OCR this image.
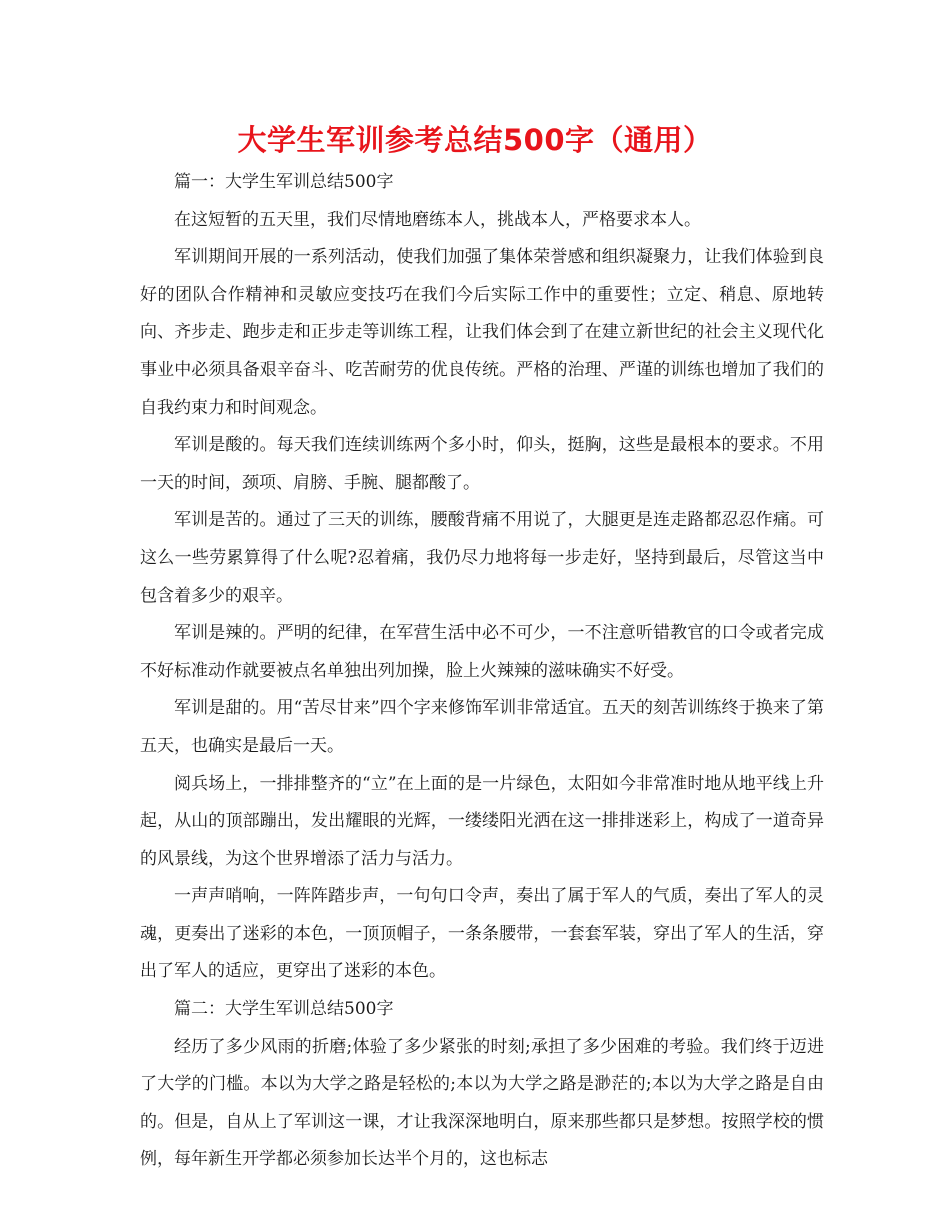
大学生军训参考总结500字（通用）

篇一：大学生军训总结500字

在这短暂的五天里，我们尽情地磨练本人，挑战本人，严格要求本人。

军训期间开展的一系列活动，使我们加强了集体荣誉感和组织凝聚力，让我们体验到良好的团队合作精神和灵敏应变技巧在我们今后实际工作中的重要性；立定、稍息、原地转向、齐步走、跑步走和正步走等训练工程，让我们体会到了在建立新世纪的社会主义现代化事业中必须具备艰辛奋斗、吃苦耐劳的优良传统。严格的治理、严谨的训练也增加了我们的自我约束力和时间观念。

军训是酸的。每天我们连续训练两个多小时，仰头，挺胸，这些是最根本的要求。不用一天的时间，颈项、肩膀、手腕、腿都酸了。

军训是苦的。通过了三天的训练，腰酸背痛不用说了，大腿更是连走路都忍忍作痛。可这么一些劳累算得了什么呢?忍着痛，我仍尽力地将每一步走好，坚持到最后，尽管这当中包含着多少的艰辛。

军训是辣的。严明的纪律，在军营生活中必不可少，一不注意听错教官的口令或者完成不好标准动作就要被点名单独出列加操，脸上火辣辣的滋味确实不好受。

军训是甜的。用“苦尽甘来”四个字来修饰军训非常适宜。五天的刻苦训练终于换来了第五天，也确实是最后一天。

阅兵场上，一排排整齐的“立”在上面的是一片绿色，太阳如今非常准时地从地平线上升起，从山的顶部蹦出，发出耀眼的光辉，一缕缕阳光洒在这一排排迷彩上，构成了一道奇异的风景线，为这个世界增添了活力与活力。

一声声哨响，一阵阵踏步声，一句句口令声，奏出了属于军人的气质，奏出了军人的灵魂，更奏出了迷彩的本色，一顶顶帽子，一条条腰带，一套套军装，穿出了军人的生活，穿出了军人的适应，更穿出了迷彩的本色。

篇二：大学生军训总结500字

经历了多少风雨的折磨;体验了多少紧张的时刻;承担了多少困难的考验。我们终于迈进了大学的门槛。本以为大学之路是轻松的;本以为大学之路是渺茫的;本以为大学之路是自由的。但是，自从上了军训这一课，才让我深深地明白，原来那些都只是梦想。按照学校的惯例，每年新生开学都必须参加长达半个月的，这也标志
